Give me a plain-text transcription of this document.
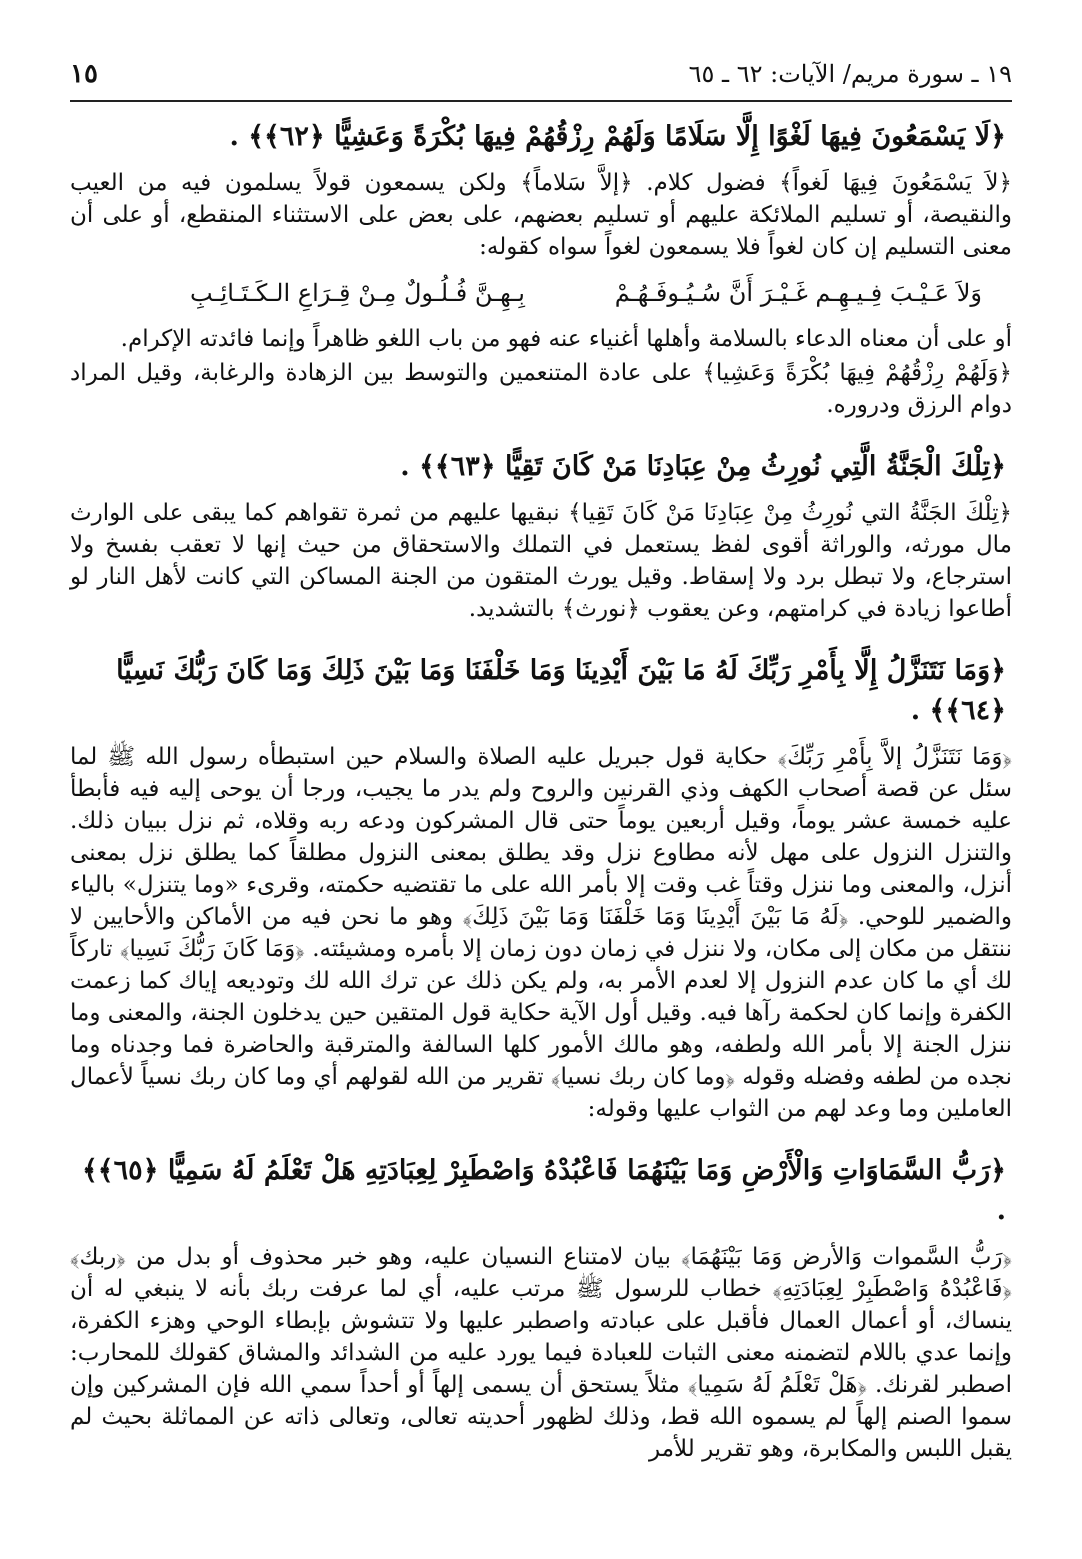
١٩ ـ سورة مريم/ الآيات: ٦٢ ـ ٦٥
١٥
﴿لَا يَسْمَعُونَ فِيهَا لَغْوًا إِلَّا سَلَامًا وَلَهُمْ رِزْقُهُمْ فِيهَا بُكْرَةً وَعَشِيًّا ﴿٦٢﴾﴾ .

﴿لاَ يَسْمَعُونَ فِيهَا لَغواً﴾ فضول كلام. ﴿إلاَّ سَلاماً﴾ ولكن يسمعون قولاً يسلمون فيه من العيب والنقيصة، أو تسليم الملائكة عليهم أو تسليم بعضهم، على بعض على الاستثناء المنقطع، أو على أن معنى التسليم إن كان لغواً فلا يسمعون لغواً سواه كقوله:

وَلاَ عَـيْـبَ فِـيـهِـم غَـيْـرَ أَنَّ سُـيُـوفَـهُـمْ
بِـهِـنَّ فُـلُـولٌ مِـنْ قِـرَاعِ الـكَـتَـائِـبِ

أو على أن معناه الدعاء بالسلامة وأهلها أغنياء عنه فهو من باب اللغو ظاهراً وإنما فائدته الإكرام.

﴿وَلَهُمْ رِزْقُهُمْ فِيهَا بُكْرَةً وَعَشِيا﴾ على عادة المتنعمين والتوسط بين الزهادة والرغابة، وقيل المراد دوام الرزق ودروره.

﴿تِلْكَ الْجَنَّةُ الَّتِي نُورِثُ مِنْ عِبَادِنَا مَنْ كَانَ تَقِيًّا ﴿٦٣﴾﴾ .

﴿تِلْكَ الجَنَّةُ التي نُورِثُ مِنْ عِبَادِنَا مَنْ كَانَ تَقِيا﴾ نبقيها عليهم من ثمرة تقواهم كما يبقى على الوارث مال مورثه، والوراثة أقوى لفظ يستعمل في التملك والاستحقاق من حيث إنها لا تعقب بفسخ ولا استرجاع، ولا تبطل برد ولا إسقاط. وقيل يورث المتقون من الجنة المساكن التي كانت لأهل النار لو أطاعوا زيادة في كرامتهم، وعن يعقوب ﴿نورث﴾ بالتشديد.

﴿وَمَا نَتَنَزَّلُ إِلَّا بِأَمْرِ رَبِّكَ لَهُ مَا بَيْنَ أَيْدِينَا وَمَا خَلْفَنَا وَمَا بَيْنَ ذَلِكَ وَمَا كَانَ رَبُّكَ نَسِيًّا ﴿٦٤﴾﴾ .

﴿وَمَا نَتَنَزَّلُ إلاَّ بِأَمْرِ رَبِّكَ﴾ حكاية قول جبريل عليه الصلاة والسلام حين استبطأه رسول الله ﷺ لما سئل عن قصة أصحاب الكهف وذي القرنين والروح ولم يدر ما يجيب، ورجا أن يوحى إليه فيه فأبطأ عليه خمسة عشر يوماً، وقيل أربعين يوماً حتى قال المشركون ودعه ربه وقلاه، ثم نزل ببيان ذلك. والتنزل النزول على مهل لأنه مطاوع نزل وقد يطلق بمعنى النزول مطلقاً كما يطلق نزل بمعنى أنزل، والمعنى وما ننزل وقتاً غب وقت إلا بأمر الله على ما تقتضيه حكمته، وقرىء «وما يتنزل» بالياء والضمير للوحي. ﴿لَهُ مَا بَيْنَ أَيْدِينَا وَمَا خَلْفَنَا وَمَا بَيْنَ ذَلِكَ﴾ وهو ما نحن فيه من الأماكن والأحايين لا ننتقل من مكان إلى مكان، ولا ننزل في زمان دون زمان إلا بأمره ومشيئته. ﴿وَمَا كَانَ رَبُّكَ نَسِيا﴾ تاركاً لك أي ما كان عدم النزول إلا لعدم الأمر به، ولم يكن ذلك عن ترك الله لك وتوديعه إياك كما زعمت الكفرة وإنما كان لحكمة رآها فيه. وقيل أول الآية حكاية قول المتقين حين يدخلون الجنة، والمعنى وما ننزل الجنة إلا بأمر الله ولطفه، وهو مالك الأمور كلها السالفة والمترقبة والحاضرة فما وجدناه وما نجده من لطفه وفضله وقوله ﴿وما كان ربك نسيا﴾ تقرير من الله لقولهم أي وما كان ربك نسياً لأعمال العاملين وما وعد لهم من الثواب عليها وقوله:

﴿رَبُّ السَّمَاوَاتِ وَالْأَرْضِ وَمَا بَيْنَهُمَا فَاعْبُدْهُ وَاصْطَبِرْ لِعِبَادَتِهِ هَلْ تَعْلَمُ لَهُ سَمِيًّا ﴿٦٥﴾﴾ .

﴿رَبُّ السَّموات وَالأرض وَمَا بَيْنَهُمَا﴾ بيان لامتناع النسيان عليه، وهو خبر محذوف أو بدل من ﴿ربك﴾ ﴿فَاعْبُدْهُ وَاصْطَبِرْ لِعِبَادَتِهِ﴾ خطاب للرسول ﷺ مرتب عليه، أي لما عرفت ربك بأنه لا ينبغي له أن ينساك، أو أعمال العمال فأقبل على عبادته واصطبر عليها ولا تتشوش بإبطاء الوحي وهزء الكفرة، وإنما عدي باللام لتضمنه معنى الثبات للعبادة فيما يورد عليه من الشدائد والمشاق كقولك للمحارب: اصطبر لقرنك. ﴿هَلْ تَعْلَمُ لَهُ سَمِيا﴾ مثلاً يستحق أن يسمى إلهاً أو أحداً سمي الله فإن المشركين وإن سموا الصنم إلهاً لم يسموه الله قط، وذلك لظهور أحديته تعالى، وتعالى ذاته عن المماثلة بحيث لم يقبل اللبس والمكابرة، وهو تقرير للأمر
